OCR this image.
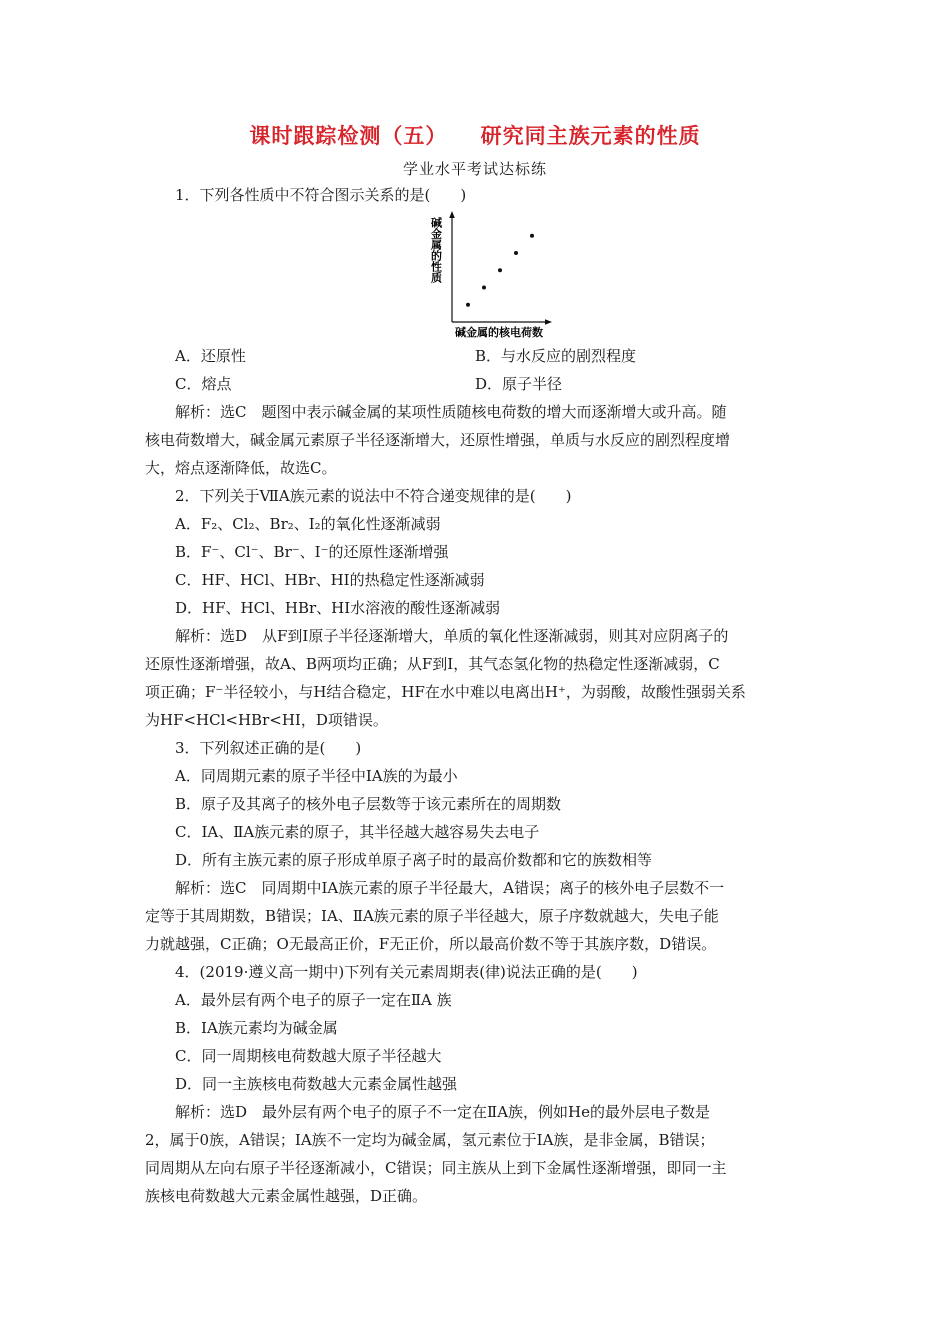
课时跟踪检测（五）    研究同主族元素的性质
学业水平考试达标练
1．下列各性质中不符合图示关系的是(　　)
碱金属的性质
碱金属的核电荷数
A．还原性	B．与水反应的剧烈程度
C．熔点	D．原子半径
解析：选C　题图中表示碱金属的某项性质随核电荷数的增大而逐渐增大或升高。随
核电荷数增大，碱金属元素原子半径逐渐增大，还原性增强，单质与水反应的剧烈程度增
大，熔点逐渐降低，故选C。
2．下列关于ⅦA族元素的说法中不符合递变规律的是(　　)
A．F₂、Cl₂、Br₂、I₂的氧化性逐渐减弱
B．F⁻、Cl⁻、Br⁻、I⁻的还原性逐渐增强
C．HF、HCl、HBr、HI的热稳定性逐渐减弱
D．HF、HCl、HBr、HI水溶液的酸性逐渐减弱
解析：选D　从F到I原子半径逐渐增大，单质的氧化性逐渐减弱，则其对应阴离子的
还原性逐渐增强，故A、B两项均正确；从F到I，其气态氢化物的热稳定性逐渐减弱，C
项正确；F⁻半径较小，与H结合稳定，HF在水中难以电离出H⁺，为弱酸，故酸性强弱关系
为HF<HCl<HBr<HI，D项错误。
3．下列叙述正确的是(　　)
A．同周期元素的原子半径中ⅠA族的为最小
B．原子及其离子的核外电子层数等于该元素所在的周期数
C．ⅠA、ⅡA族元素的原子，其半径越大越容易失去电子
D．所有主族元素的原子形成单原子离子时的最高价数都和它的族数相等
解析：选C　同周期中ⅠA族元素的原子半径最大，A错误；离子的核外电子层数不一
定等于其周期数，B错误；ⅠA、ⅡA族元素的原子半径越大，原子序数就越大，失电子能
力就越强，C正确；O无最高正价，F无正价，所以最高价数不等于其族序数，D错误。
4．(2019·遵义高一期中)下列有关元素周期表(律)说法正确的是(　　)
A．最外层有两个电子的原子一定在ⅡA 族
B．ⅠA族元素均为碱金属
C．同一周期核电荷数越大原子半径越大
D．同一主族核电荷数越大元素金属性越强
解析：选D　最外层有两个电子的原子不一定在ⅡA族，例如He的最外层电子数是
2，属于0族，A错误；ⅠA族不一定均为碱金属，氢元素位于ⅠA族，是非金属，B错误；
同周期从左向右原子半径逐渐减小，C错误；同主族从上到下金属性逐渐增强，即同一主
族核电荷数越大元素金属性越强，D正确。
